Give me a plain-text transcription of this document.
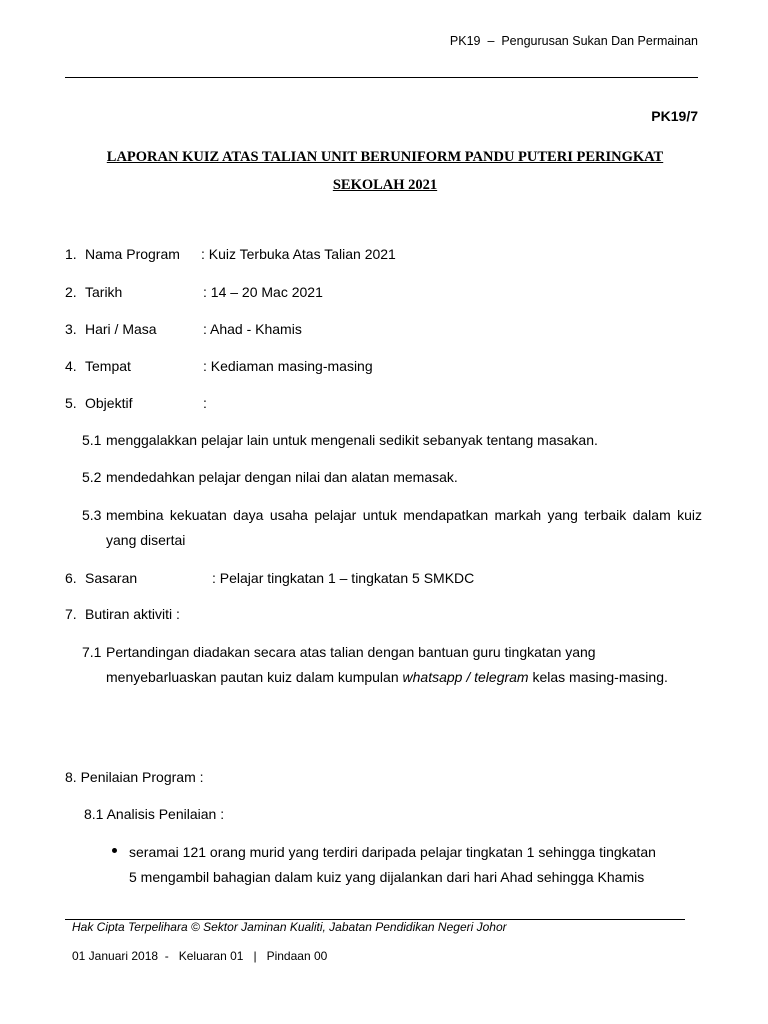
PK19  –  Pengurusan Sukan Dan Permainan
PK19/7
LAPORAN KUIZ ATAS TALIAN UNIT BERUNIFORM PANDU PUTERI PERINGKAT
SEKOLAH 2021
1. Nama Program : Kuiz Terbuka Atas Talian 2021
2. Tarikh	: 14 – 20 Mac 2021
3. Hari / Masa	: Ahad - Khamis
4. Tempat	: Kediaman masing-masing
5. Objektif	:
5.1 menggalakkan pelajar lain untuk mengenali sedikit sebanyak tentang masakan.
5.2 mendedahkan pelajar dengan nilai dan alatan memasak.
5.3 membina kekuatan daya usaha pelajar untuk mendapatkan markah yang terbaik dalam kuiz yang disertai
6. Sasaran	: Pelajar tingkatan 1 – tingkatan 5 SMKDC
7. Butiran aktiviti :
7.1 Pertandingan diadakan secara atas talian dengan bantuan guru tingkatan yang menyebarluaskan pautan kuiz dalam kumpulan whatsapp / telegram kelas masing-masing.
8. Penilaian Program :
8.1 Analisis Penilaian :
seramai 121 orang murid yang terdiri daripada pelajar tingkatan 1 sehingga tingkatan 5 mengambil bahagian dalam kuiz yang dijalankan dari hari Ahad sehingga Khamis
Hak Cipta Terpelihara © Sektor Jaminan Kualiti, Jabatan Pendidikan Negeri Johor
01 Januari 2018  -   Keluaran 01   |   Pindaan 00
